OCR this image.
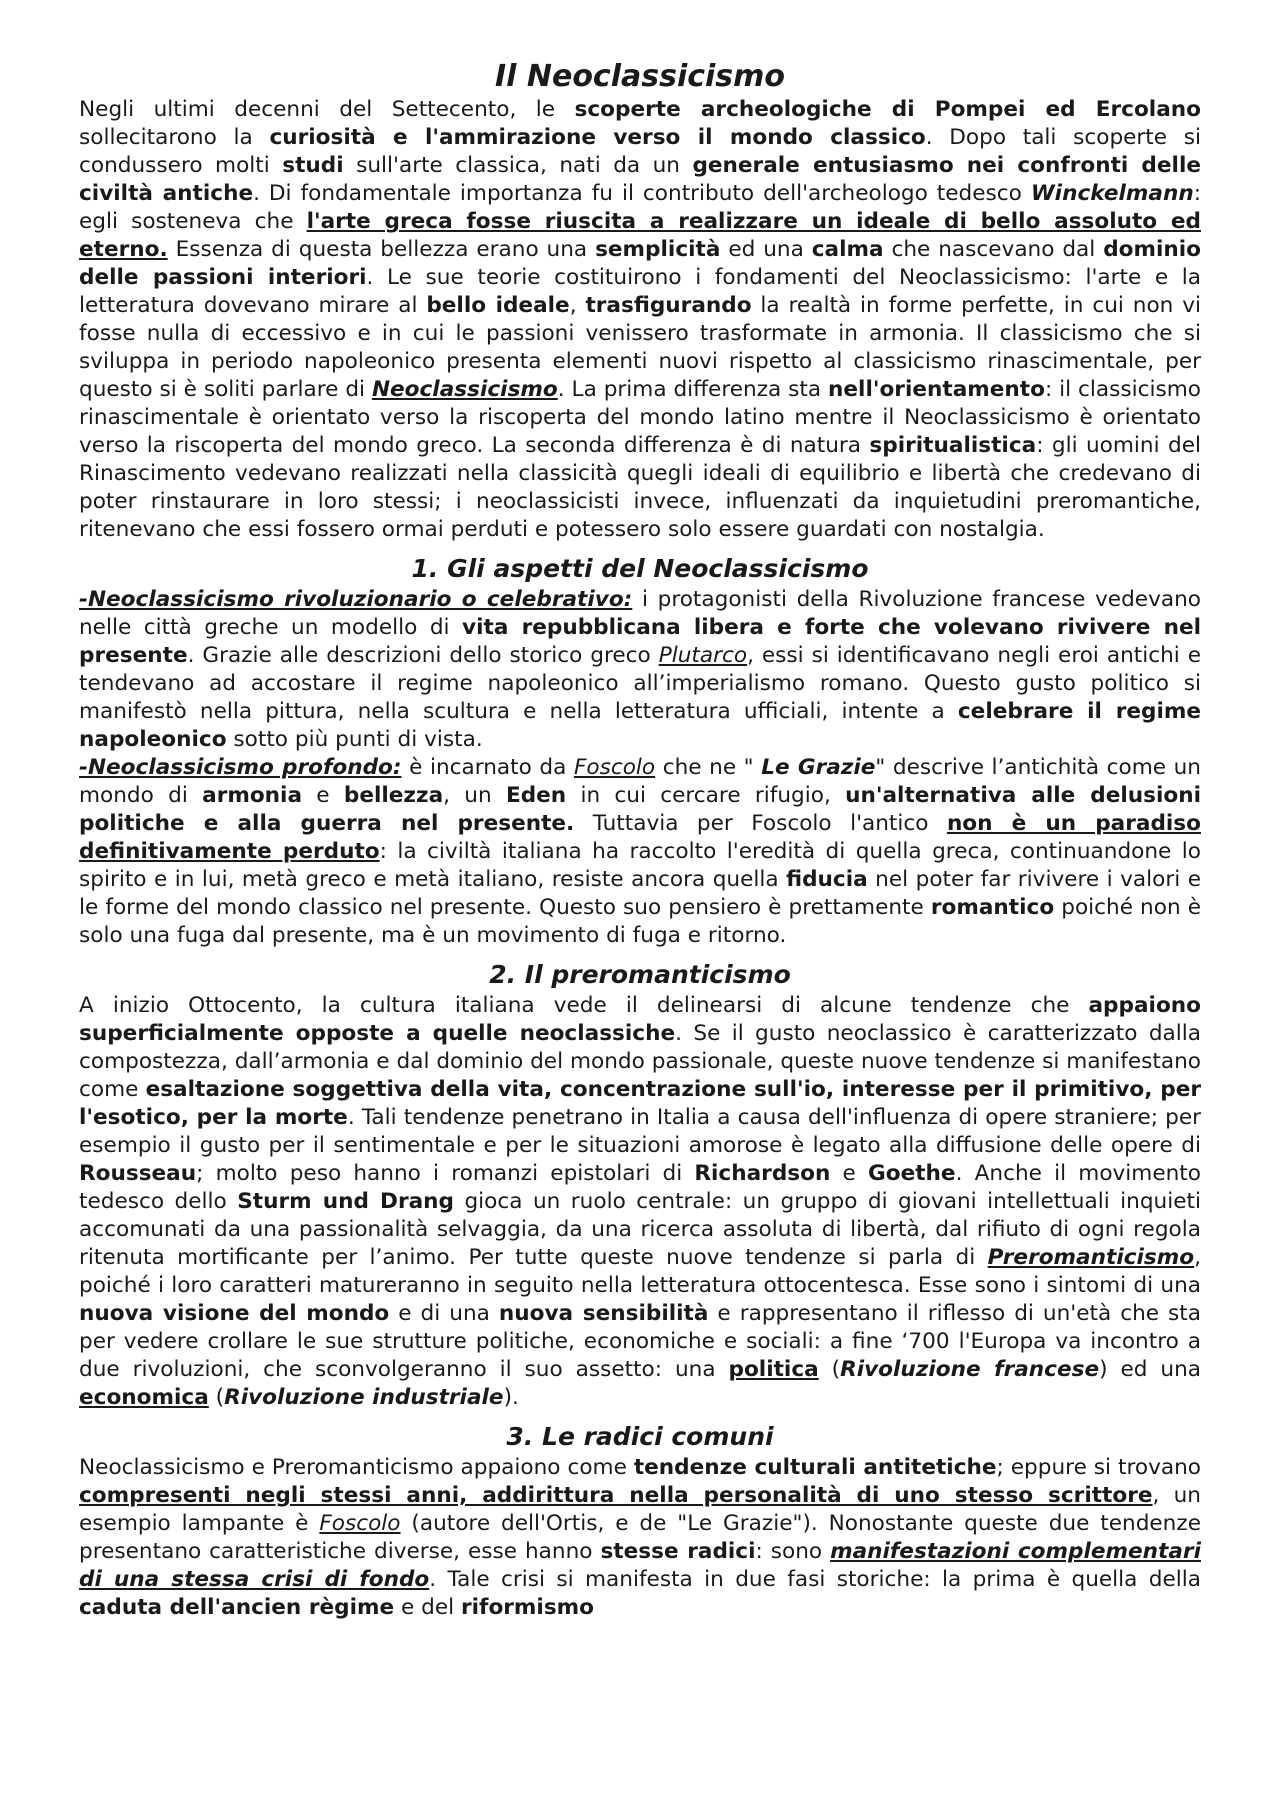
Il Neoclassicismo

Negli ultimi decenni del Settecento, le scoperte archeologiche di Pompei ed Ercolano sollecitarono la curiosità e l'ammirazione verso il mondo classico. Dopo tali scoperte si condussero molti studi sull'arte classica, nati da un generale entusiasmo nei confronti delle civiltà antiche. Di fondamentale importanza fu il contributo dell'archeologo tedesco Winckelmann: egli sosteneva che l'arte greca fosse riuscita a realizzare un ideale di bello assoluto ed eterno. Essenza di questa bellezza erano una semplicità ed una calma che nascevano dal dominio delle passioni interiori. Le sue teorie costituirono i fondamenti del Neoclassicismo: l'arte e la letteratura dovevano mirare al bello ideale, trasfigurando la realtà in forme perfette, in cui non vi fosse nulla di eccessivo e in cui le passioni venissero trasformate in armonia. Il classicismo che si sviluppa in periodo napoleonico presenta elementi nuovi rispetto al classicismo rinascimentale, per questo si è soliti parlare di Neoclassicismo. La prima differenza sta nell'orientamento: il classicismo rinascimentale è orientato verso la riscoperta del mondo latino mentre il Neoclassicismo è orientato verso la riscoperta del mondo greco. La seconda differenza è di natura spiritualistica: gli uomini del Rinascimento vedevano realizzati nella classicità quegli ideali di equilibrio e libertà che credevano di poter rinstaurare in loro stessi; i neoclassicisti invece, influenzati da inquietudini preromantiche, ritenevano che essi fossero ormai perduti e potessero solo essere guardati con nostalgia.

1. Gli aspetti del Neoclassicismo

-Neoclassicismo rivoluzionario o celebrativo: i protagonisti della Rivoluzione francese vedevano nelle città greche un modello di vita repubblicana libera e forte che volevano rivivere nel presente. Grazie alle descrizioni dello storico greco Plutarco, essi si identificavano negli eroi antichi e tendevano ad accostare il regime napoleonico all’imperialismo romano. Questo gusto politico si manifestò nella pittura, nella scultura e nella letteratura ufficiali, intente a celebrare il regime napoleonico sotto più punti di vista.

-Neoclassicismo profondo: è incarnato da Foscolo che ne " Le Grazie" descrive l’antichità come un mondo di armonia e bellezza, un Eden in cui cercare rifugio, un'alternativa alle delusioni politiche e alla guerra nel presente. Tuttavia per Foscolo l'antico non è un paradiso definitivamente perduto: la civiltà italiana ha raccolto l'eredità di quella greca, continuandone lo spirito e in lui, metà greco e metà italiano, resiste ancora quella fiducia nel poter far rivivere i valori e le forme del mondo classico nel presente. Questo suo pensiero è prettamente romantico poiché non è solo una fuga dal presente, ma è un movimento di fuga e ritorno.

2. Il preromanticismo

A inizio Ottocento, la cultura italiana vede il delinearsi di alcune tendenze che appaiono superficialmente opposte a quelle neoclassiche. Se il gusto neoclassico è caratterizzato dalla compostezza, dall’armonia e dal dominio del mondo passionale, queste nuove tendenze si manifestano come esaltazione soggettiva della vita, concentrazione sull'io, interesse per il primitivo, per l'esotico, per la morte. Tali tendenze penetrano in Italia a causa dell'influenza di opere straniere; per esempio il gusto per il sentimentale e per le situazioni amorose è legato alla diffusione delle opere di Rousseau; molto peso hanno i romanzi epistolari di Richardson e Goethe. Anche il movimento tedesco dello Sturm und Drang gioca un ruolo centrale: un gruppo di giovani intellettuali inquieti accomunati da una passionalità selvaggia, da una ricerca assoluta di libertà, dal rifiuto di ogni regola ritenuta mortificante per l’animo. Per tutte queste nuove tendenze si parla di Preromanticismo, poiché i loro caratteri matureranno in seguito nella letteratura ottocentesca. Esse sono i sintomi di una nuova visione del mondo e di una nuova sensibilità e rappresentano il riflesso di un'età che sta per vedere crollare le sue strutture politiche, economiche e sociali: a fine ‘700 l'Europa va incontro a due rivoluzioni, che sconvolgeranno il suo assetto: una politica (Rivoluzione francese) ed una economica (Rivoluzione industriale).

3. Le radici comuni

Neoclassicismo e Preromanticismo appaiono come tendenze culturali antitetiche; eppure si trovano compresenti negli stessi anni, addirittura nella personalità di uno stesso scrittore, un esempio lampante è Foscolo (autore dell'Ortis, e de "Le Grazie"). Nonostante queste due tendenze presentano caratteristiche diverse, esse hanno stesse radici: sono manifestazioni complementari di una stessa crisi di fondo. Tale crisi si manifesta in due fasi storiche: la prima è quella della caduta dell'ancien règime e del riformismo
